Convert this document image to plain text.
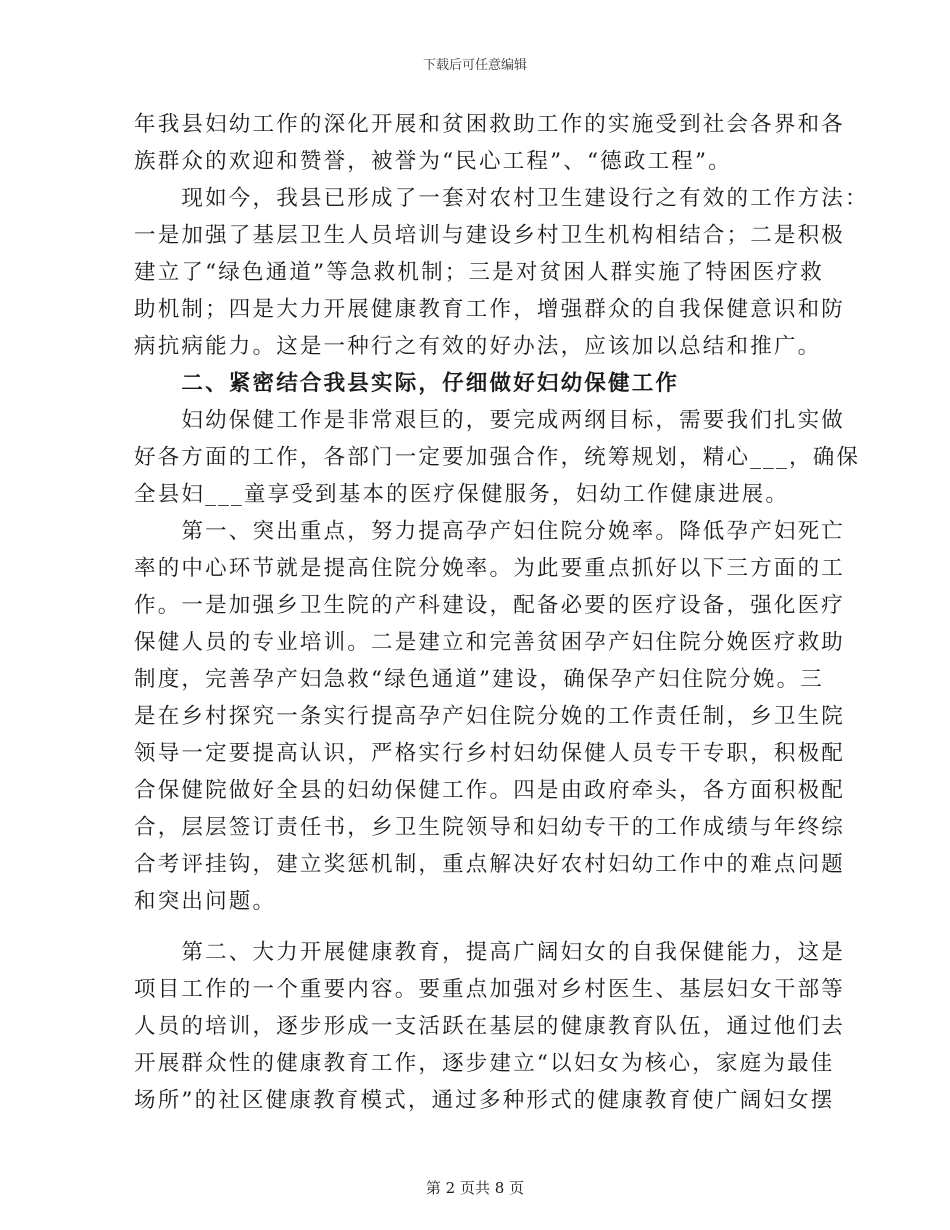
下载后可任意编辑
年我县妇幼工作的深化开展和贫困救助工作的实施受到社会各界和各
族群众的欢迎和赞誉，被誉为“民心工程”、“德政工程”。
　　现如今，我县已形成了一套对农村卫生建设行之有效的工作方法：
一是加强了基层卫生人员培训与建设乡村卫生机构相结合；二是积极
建立了“绿色通道”等急救机制；三是对贫困人群实施了特困医疗救
助机制；四是大力开展健康教育工作，增强群众的自我保健意识和防
病抗病能力。这是一种行之有效的好办法，应该加以总结和推广。
　　二、紧密结合我县实际，仔细做好妇幼保健工作
　　妇幼保健工作是非常艰巨的，要完成两纲目标，需要我们扎实做
好各方面的工作，各部门一定要加强合作，统筹规划，精心___，确保
全县妇___童享受到基本的医疗保健服务，妇幼工作健康进展。
　　第一、突出重点，努力提高孕产妇住院分娩率。降低孕产妇死亡
率的中心环节就是提高住院分娩率。为此要重点抓好以下三方面的工
作。一是加强乡卫生院的产科建设，配备必要的医疗设备，强化医疗
保健人员的专业培训。二是建立和完善贫困孕产妇住院分娩医疗救助
制度，完善孕产妇急救“绿色通道”建设，确保孕产妇住院分娩。三
是在乡村探究一条实行提高孕产妇住院分娩的工作责任制，乡卫生院
领导一定要提高认识，严格实行乡村妇幼保健人员专干专职，积极配
合保健院做好全县的妇幼保健工作。四是由政府牵头，各方面积极配
合，层层签订责任书，乡卫生院领导和妇幼专干的工作成绩与年终综
合考评挂钩，建立奖惩机制，重点解决好农村妇幼工作中的难点问题
和突出问题。
　　第二、大力开展健康教育，提高广阔妇女的自我保健能力，这是
项目工作的一个重要内容。要重点加强对乡村医生、基层妇女干部等
人员的培训，逐步形成一支活跃在基层的健康教育队伍，通过他们去
开展群众性的健康教育工作，逐步建立“以妇女为核心，家庭为最佳
场所”的社区健康教育模式，通过多种形式的健康教育使广阔妇女摆
第 2 页共 8 页
